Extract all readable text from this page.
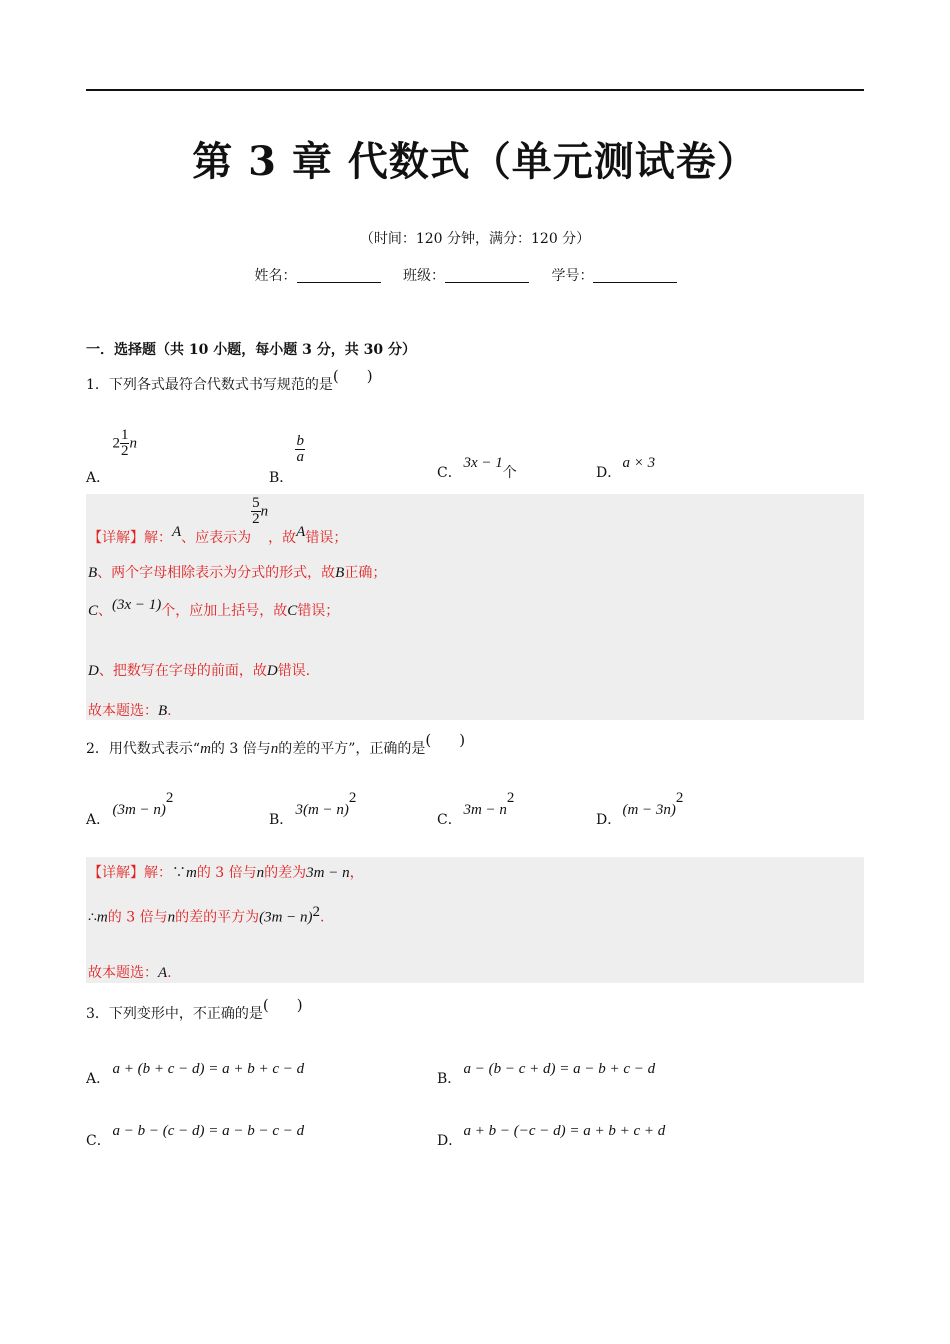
第 3 章 代数式（单元测试卷）
（时间：120 分钟，满分：120 分）
姓名：	班级：	学号：
一．选择题（共 10 小题，每小题 3 分，共 30 分）
1．下列各式最符合代数式书写规范的是()
A． $2 \frac{1}{2}$ n
B．
$\frac{b}{a}$
C． 3x − 1个	D． a × 3
【详解】解：A、应表示为
$\frac{5}{2}$ n，故A错误；
B、两个字母相除表示为分式的形式，故B正确；
C、(3x − 1)个，应加上括号，故C错误；
D、把数写在字母的前面，故D错误.
故本题选：B.
2．用代数式表示“m的 3 倍与n的差的平方”，正确的是()
A． $(3m - n)^2$
B． $3(m - n)^2$
C． $3m - n^2$
D． $(m - 3n)^2$
【详解】解：∵m的 3 倍与n的差为3m − n，
∴m的 3 倍与n的差的平方为$(3m - n)^2$.
故本题选：A.
3．下列变形中，不正确的是()
A． a + (b + c − d) = a + b + c − d
B． a − (b − c + d) = a − b + c − d
C． a − b − (c − d) = a − b − c − d
D． a + b − (−c − d) = a + b + c + d
